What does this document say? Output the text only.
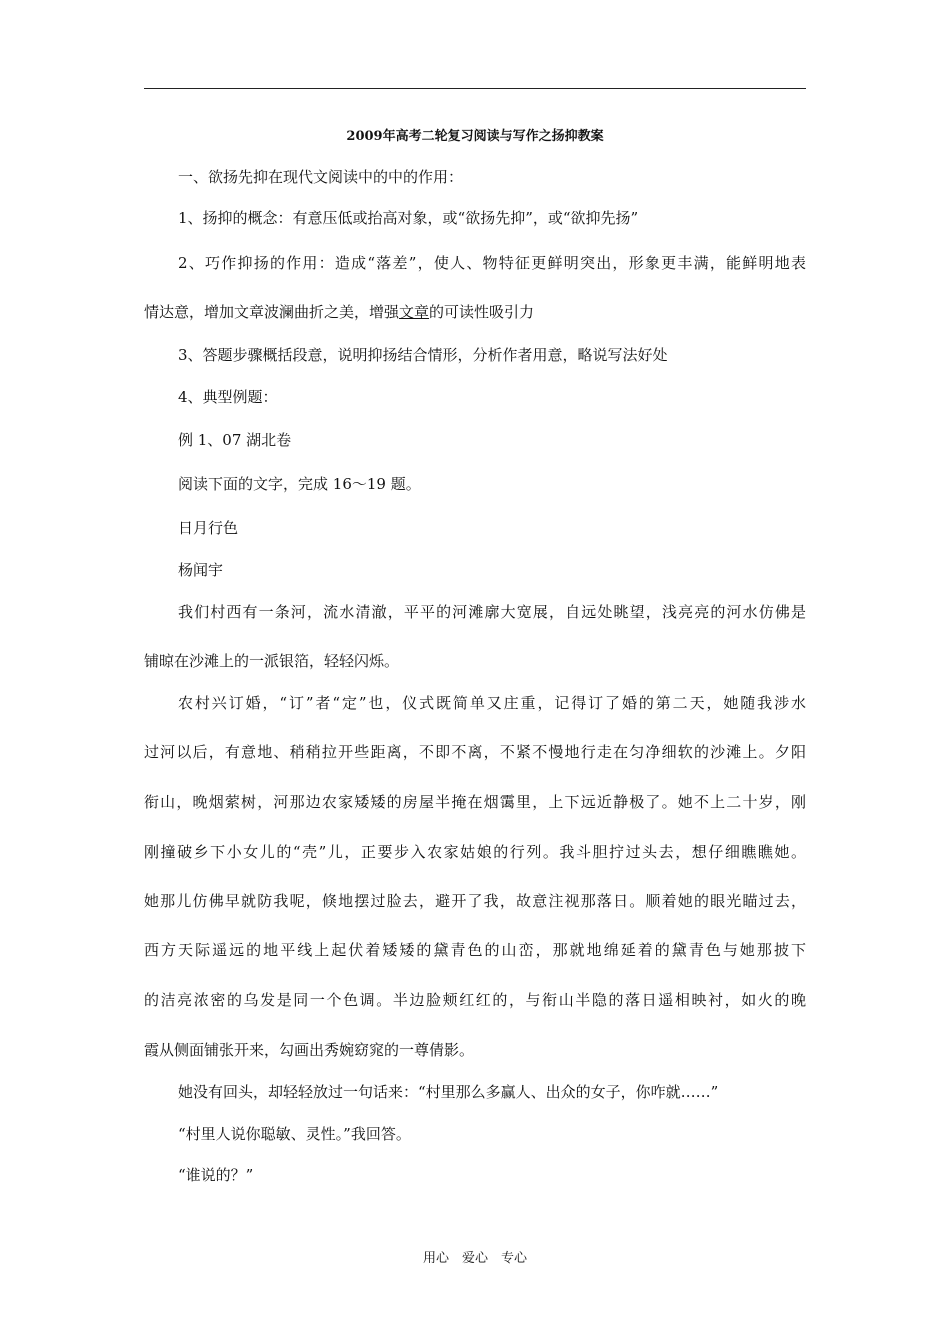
2009年高考二轮复习阅读与写作之扬抑教案
一、欲扬先抑在现代文阅读中的中的作用：
1、扬抑的概念：有意压低或抬高对象，或“欲扬先抑”，或“欲抑先扬”
2、巧作抑扬的作用：造成“落差”，使人、物特征更鲜明突出，形象更丰满，能鲜明地表
情达意，增加文章波澜曲折之美，增强文章的可读性吸引力
3、答题步骤概括段意，说明抑扬结合情形，分析作者用意，略说写法好处
4、典型例题：
例 1、07 湖北卷
阅读下面的文字，完成 16～19 题。
日月行色
杨闻宇
我们村西有一条河，流水清澈，平平的河滩廓大宽展，自远处眺望，浅亮亮的河水仿佛是
铺晾在沙滩上的一派银箔，轻轻闪烁。
农村兴订婚，“订”者“定”也，仪式既简单又庄重，记得订了婚的第二天，她随我涉水
过河以后，有意地、稍稍拉开些距离，不即不离，不紧不慢地行走在匀净细软的沙滩上。夕阳
衔山，晚烟萦树，河那边农家矮矮的房屋半掩在烟霭里，上下远近静极了。她不上二十岁，刚
刚撞破乡下小女儿的“壳”儿，正要步入农家姑娘的行列。我斗胆拧过头去，想仔细瞧瞧她。
她那儿仿佛早就防我呢，倏地摆过脸去，避开了我，故意注视那落日。顺着她的眼光瞄过去，
西方天际遥远的地平线上起伏着矮矮的黛青色的山峦，那就地绵延着的黛青色与她那披下
的洁亮浓密的乌发是同一个色调。半边脸颊红红的，与衔山半隐的落日遥相映衬，如火的晚
霞从侧面铺张开来，勾画出秀婉窈窕的一尊倩影。
她没有回头，却轻轻放过一句话来：“村里那么多赢人、出众的女子，你咋就……”
“村里人说你聪敏、灵性。”我回答。
“谁说的？”
用心　爱心　专心
